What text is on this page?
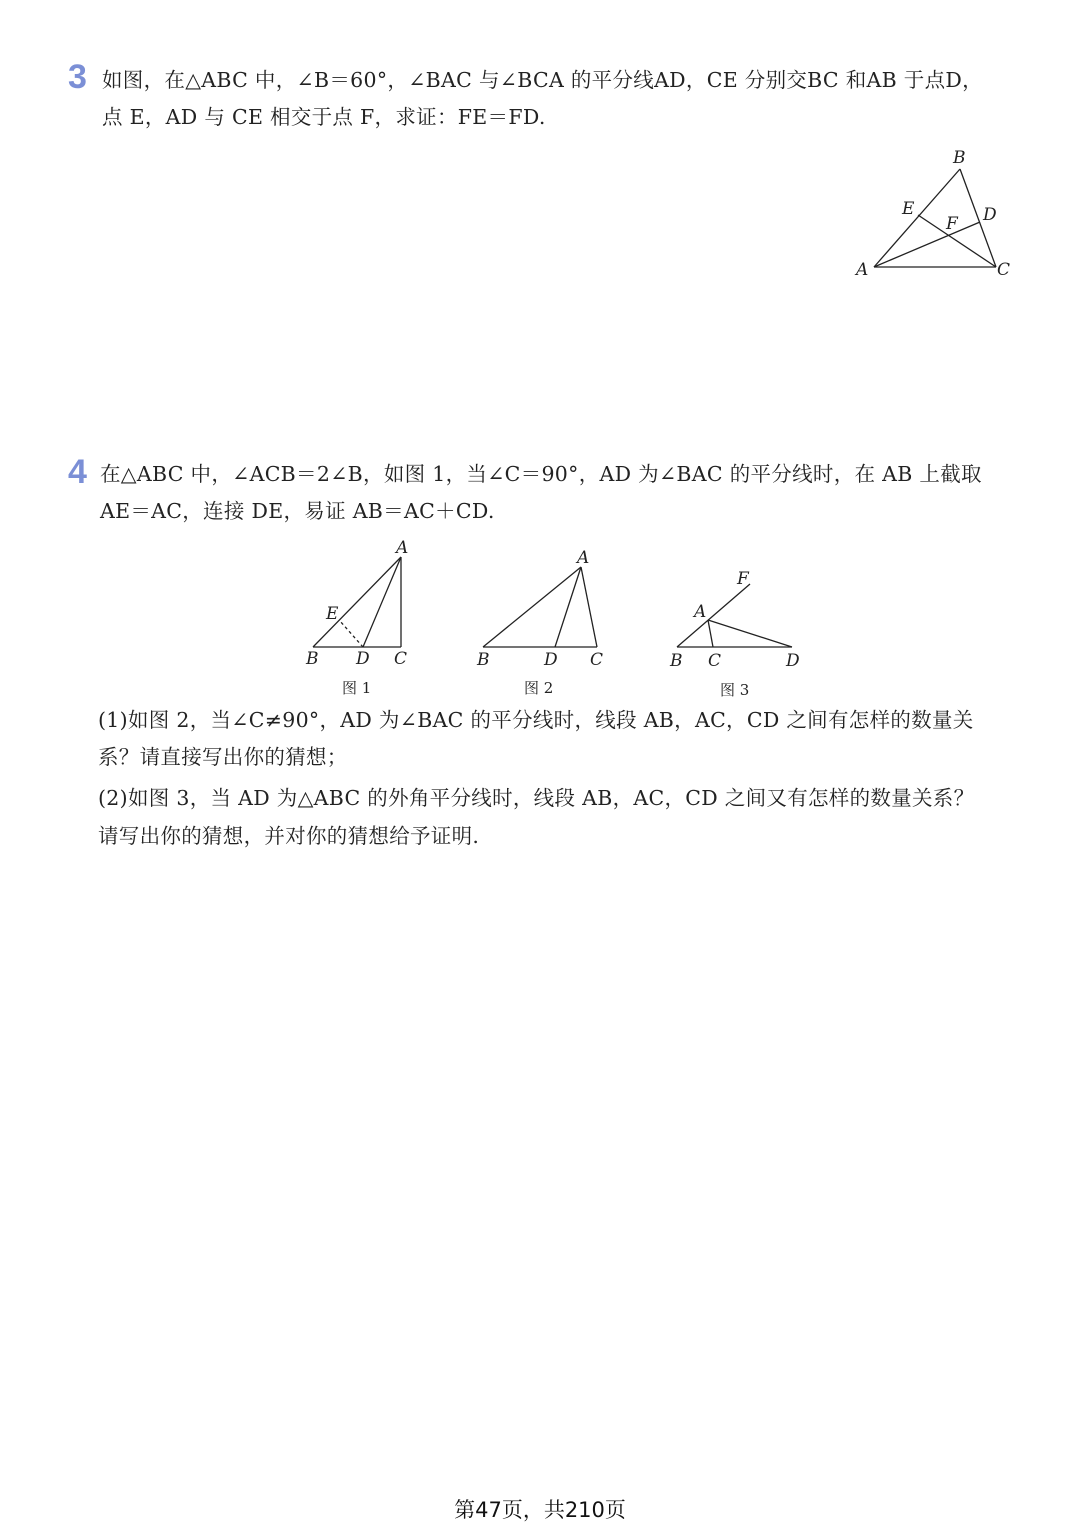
3 如图，在△ABC 中，∠B＝60°，∠BAC 与∠BCA 的平分线AD，CE 分别交BC 和AB 于点D，
点 E，AD 与 CE 相交于点 F，求证：FE＝FD.
A
B
C
D
E
F
4 在△ABC 中，∠ACB＝2∠B，如图 1，当∠C＝90°，AD 为∠BAC 的平分线时，在 AB 上截取
AE＝AC，连接 DE，易证 AB＝AC＋CD.
A
E
B D C
图 1
A
B	D C
图 2
F
A
B C	D
图 3
(1)如图 2，当∠C≠90°，AD 为∠BAC 的平分线时，线段 AB，AC，CD 之间有怎样的数量关
系？请直接写出你的猜想；
(2)如图 3，当 AD 为△ABC 的外角平分线时，线段 AB，AC，CD 之间又有怎样的数量关系？
请写出你的猜想，并对你的猜想给予证明.
第47页，共210页
